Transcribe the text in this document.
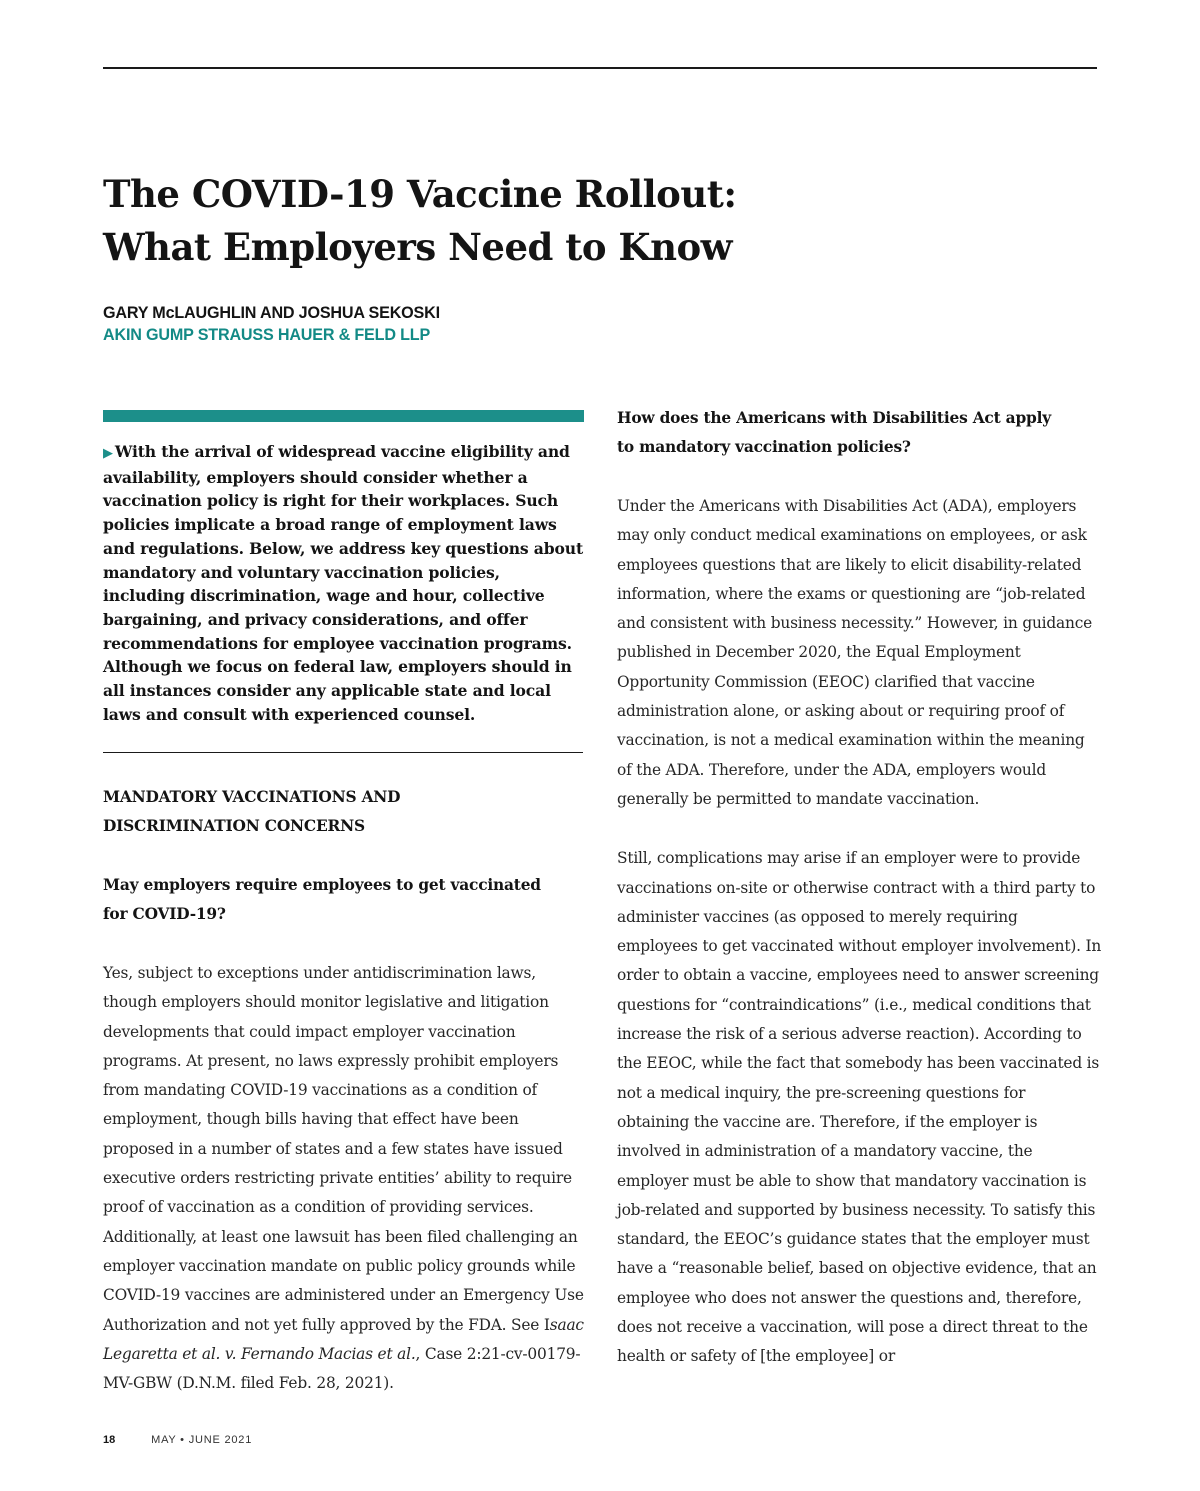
The COVID-19 Vaccine Rollout:
What Employers Need to Know
GARY McLAUGHLIN AND JOSHUA SEKOSKI
AKIN GUMP STRAUSS HAUER & FELD LLP

▶ With the arrival of widespread vaccine eligibility and availability, employers should consider whether a vaccination policy is right for their workplaces. Such policies implicate a broad range of employment laws and regulations. Below, we address key questions about mandatory and voluntary vaccination policies, including discrimination, wage and hour, collective bargaining, and privacy considerations, and offer recommendations for employee vaccination programs. Although we focus on federal law, employers should in all instances consider any applicable state and local laws and consult with experienced counsel.

MANDATORY VACCINATIONS AND
DISCRIMINATION CONCERNS
May employers require employees to get vaccinated
for COVID-19?

Yes, subject to exceptions under antidiscrimination laws, though employers should monitor legislative and litigation developments that could impact employer vaccination programs. At present, no laws expressly prohibit employers from mandating COVID-19 vaccinations as a condition of employment, though bills having that effect have been proposed in a number of states and a few states have issued executive orders restricting private entities’ ability to require proof of vaccination as a condition of providing services. Additionally, at least one lawsuit has been filed challenging an employer vaccination mandate on public policy grounds while COVID-19 vaccines are administered under an Emergency Use Authorization and not yet fully approved by the FDA. See Isaac Legaretta et al. v. Fernando Macias et al., Case 2:21-cv-00179-MV-GBW (D.N.M. filed Feb. 28, 2021).

How does the Americans with Disabilities Act apply
to mandatory vaccination policies?

Under the Americans with Disabilities Act (ADA), employers may only conduct medical examinations on employees, or ask employees questions that are likely to elicit disability-related information, where the exams or questioning are “job-related and consistent with business necessity.” However, in guidance published in December 2020, the Equal Employment Opportunity Commission (EEOC) clarified that vaccine administration alone, or asking about or requiring proof of vaccination, is not a medical examination within the meaning of the ADA. Therefore, under the ADA, employers would generally be permitted to mandate vaccination.

Still, complications may arise if an employer were to provide vaccinations on-site or otherwise contract with a third party to administer vaccines (as opposed to merely requiring employees to get vaccinated without employer involvement). In order to obtain a vaccine, employees need to answer screening questions for “contraindications” (i.e., medical conditions that increase the risk of a serious adverse reaction). According to the EEOC, while the fact that somebody has been vaccinated is not a medical inquiry, the pre-screening questions for obtaining the vaccine are. Therefore, if the employer is involved in administration of a mandatory vaccine, the employer must be able to show that mandatory vaccination is job-related and supported by business necessity. To satisfy this standard, the EEOC’s guidance states that the employer must have a “reasonable belief, based on objective evidence, that an employee who does not answer the questions and, therefore, does not receive a vaccination, will pose a direct threat to the health or safety of [the employee] or

18	MAY • JUNE 2021
